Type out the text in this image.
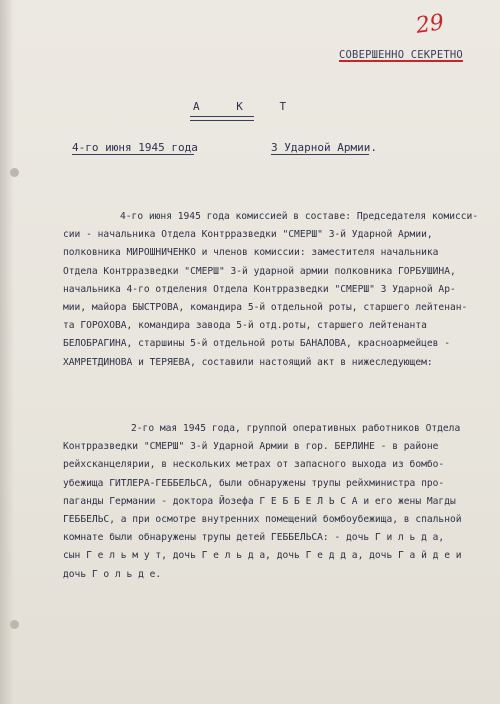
29
СОВЕРШЕННО СЕКРЕТНО
А К Т
4-го июня 1945 года	3 Ударной Армии.
4-го июня 1945 года комиссией в составе: Председателя комисси-
сии - начальника Отдела Контрразведки "СМЕРШ" 3-й Ударной Армии,
полковника МИРОШНИЧЕНКО и членов комиссии: заместителя начальника
Отдела Контрразведки "СМЕРШ" 3-й ударной армии полковника ГОРБУШИНА,
начальника 4-го отделения Отдела Контрразведки "СМЕРШ" 3 Ударной Ар-
мии, майора БЫСТРОВА, командира 5-й отдельной роты, старшего лейтенан-
та ГОРОХОВА, командира завода 5-й отд.роты, старшего лейтенанта
БЕЛОБРАГИНА, старшины 5-й отдельной роты БАНАЛОВА, красноармейцев -
ХАМРЕТДИНОВА и ТЕРЯЕВА, составили настоящий акт в нижеследующем:
2-го мая 1945 года, группой оперативных работников Отдела
Контрразведки "СМЕРШ" 3-й Ударной Армии в гор. БЕРЛИНЕ - в районе
рейхсканцелярии, в нескольких метрах от запасного выхода из бомбо-
убежища ГИТЛЕРА-ГЕББЕЛЬСА, были обнаружены трупы рейхминистра про-
паганды Германии - доктора Йозефа Г Е Б Б Е Л Ь С А и его жены Магды
ГЕББЕЛЬС, а при осмотре внутренних помещений бомбоубежища, в спальной
комнате были обнаружены трупы детей ГЕББЕЛЬСА: - дочь Г и л ь д а,
сын Г е л ь м у т, дочь Г е л ь д а, дочь Г е д д а, дочь Г а й д е и
дочь Г о л ь д е.
